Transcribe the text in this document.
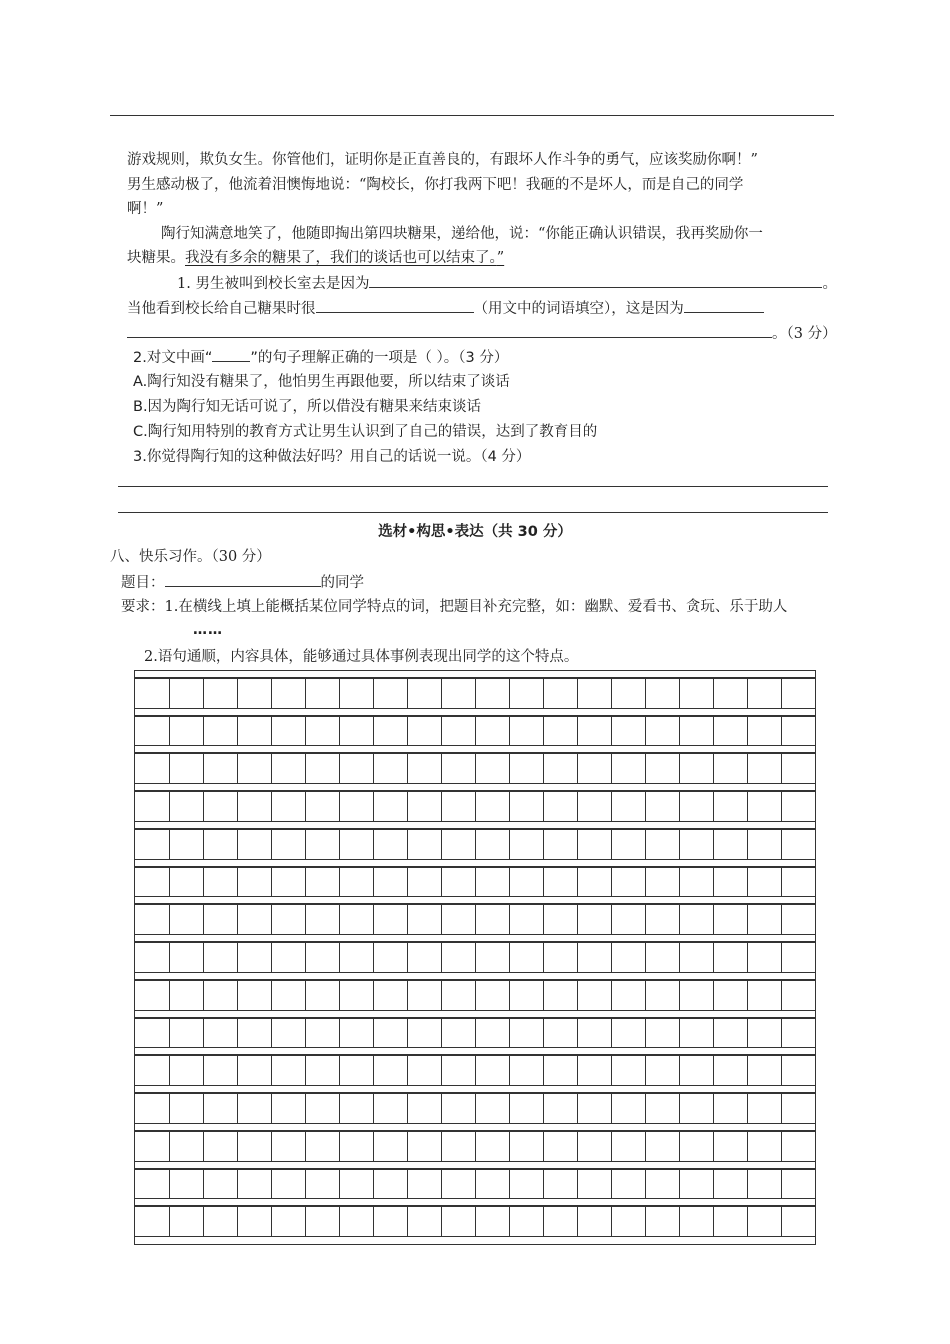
游戏规则，欺负女生。你管他们，证明你是正直善良的，有跟坏人作斗争的勇气，应该奖励你啊！”
男生感动极了，他流着泪懊悔地说：“陶校长，你打我两下吧！我砸的不是坏人，而是自己的同学
啊！”
陶行知满意地笑了，他随即掏出第四块糖果，递给他，说：“你能正确认识错误，我再奖励你一
块糖果。我没有多余的糖果了，我们的谈话也可以结束了。”
1. 男生被叫到校长室去是因为	。
当他看到校长给自己糖果时很	（用文中的词语填空），这是因为
。（3 分）
2.对文中画“	”的句子理解正确的一项是（ ）。（3 分）
A.陶行知没有糖果了，他怕男生再跟他要，所以结束了谈话
B.因为陶行知无话可说了，所以借没有糖果来结束谈话
C.陶行知用特别的教育方式让男生认识到了自己的错误，达到了教育目的
3.你觉得陶行知的这种做法好吗？用自己的话说一说。（4 分）
选材•构思•表达（共 30 分）
八、快乐习作。（30 分）
题目：	的同学
要求：1.在横线上填上能概括某位同学特点的词，把题目补充完整，如：幽默、爱看书、贪玩、乐于助人
……
2.语句通顺，内容具体，能够通过具体事例表现出同学的这个特点。
